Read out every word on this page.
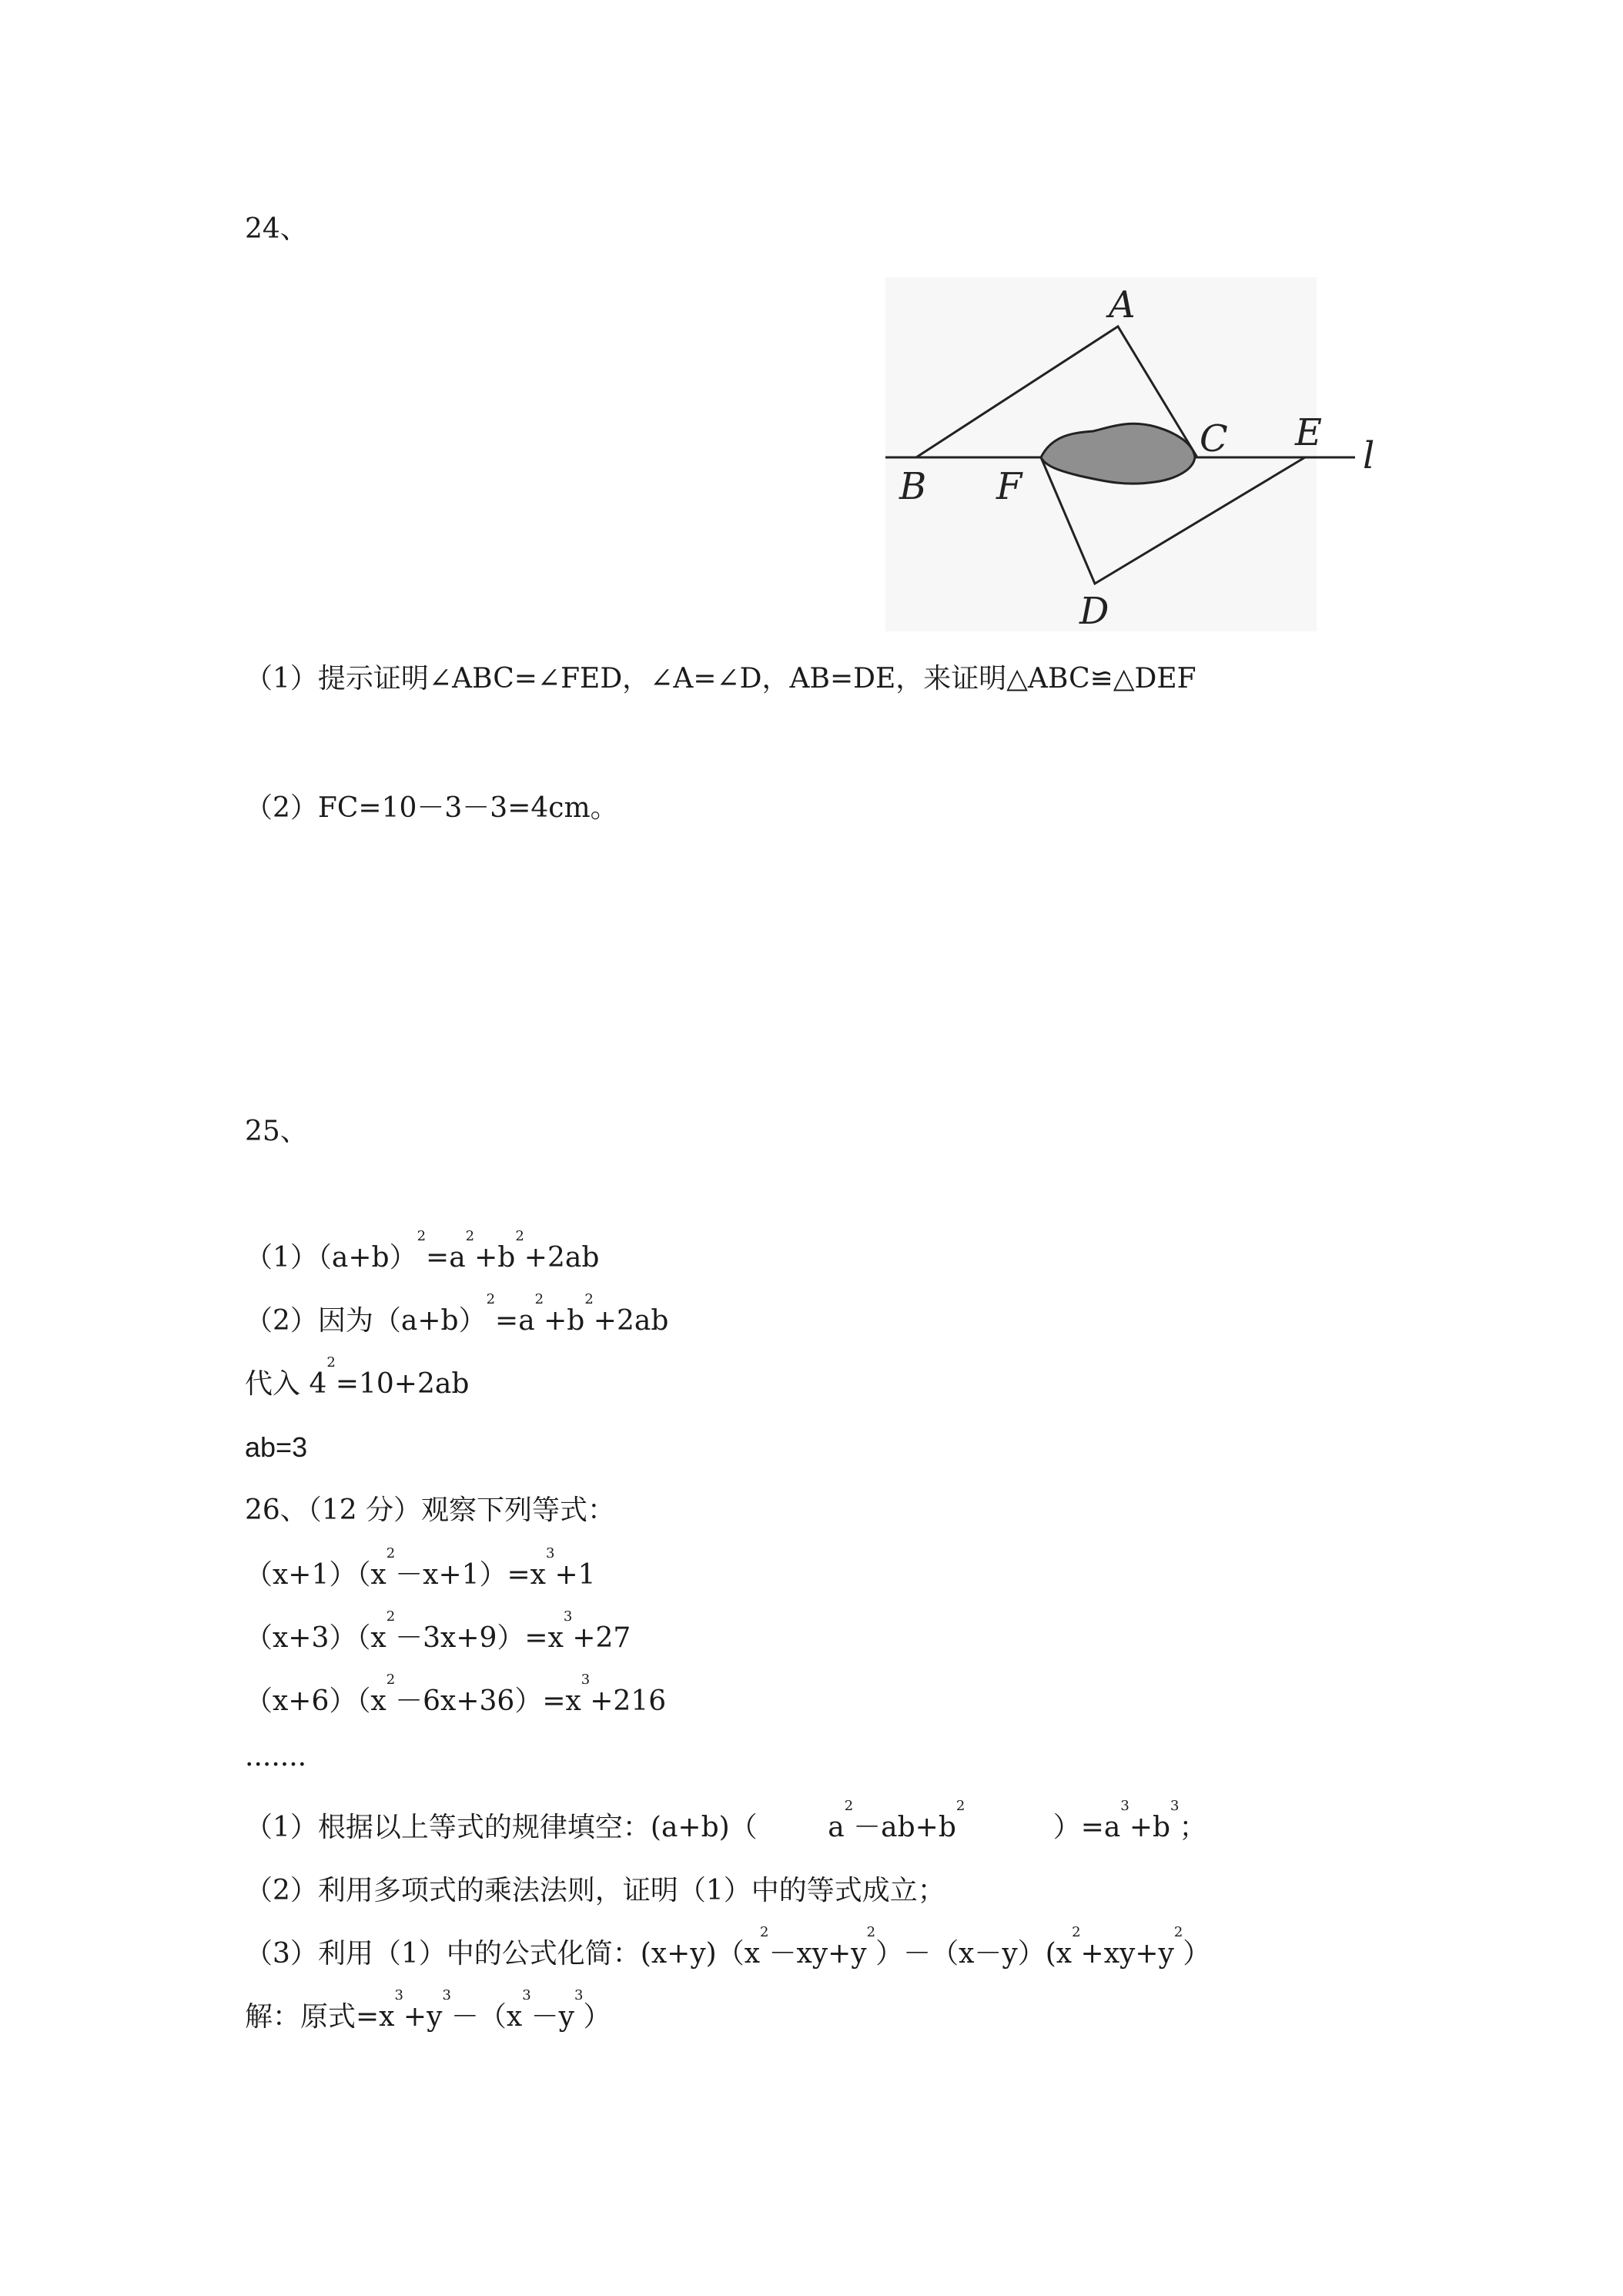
24、
A
B
C
D
E
F
l
（1）提示证明∠ABC=∠FED，∠A=∠D，AB=DE，来证明△ABC≌△DEF
（2）FC=10－3－3=4cm。
25、
$(1)(a+b)^2=a^2+b^2+2ab$
（2）因为$(a+b)^2=a^2+b^2+2ab$
代入 $4^2=10+2ab$
ab=3
26、（12 分）观察下列等式：
$(x+1)(x^2-x+1)=x^3+1$
$(x+3)(x^2-3x+9)=x^3+27$
$(x+6)(x^2-6x+36)=x^3+216$
.......
（1）根据以上等式的规律填空：(a+b)（        $a^2-ab+b^2$          ）$=a^3+b^3$；
（2）利用多项式的乘法法则，证明（1）中的等式成立；
（3）利用（1）中的公式化简：$(x+y)(x^2-xy+y^2)-(x-y)(x^2+xy+y^2)$
解：原式$=x^3+y^3-(x^3-y^3)$
